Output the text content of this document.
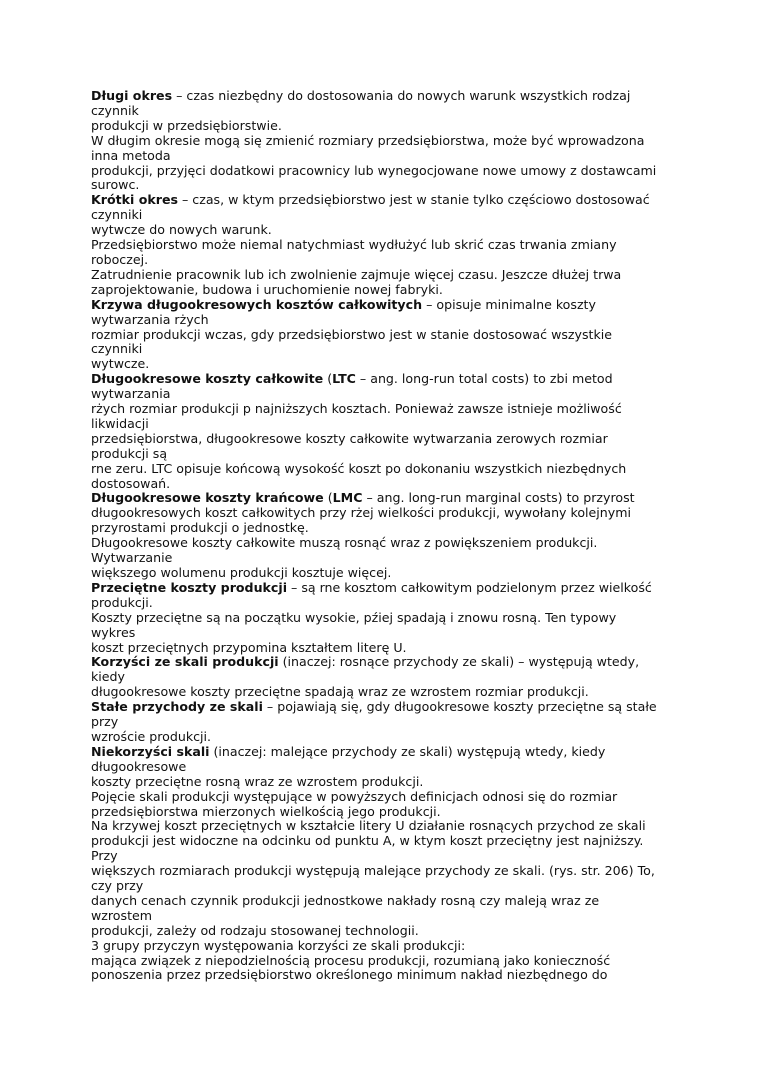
Długi okres – czas niezbędny do dostosowania do nowych warunk wszystkich rodzaj
czynnik
produkcji w przedsiębiorstwie.
W długim okresie mogą się zmienić rozmiary przedsiębiorstwa, może być wprowadzona
inna metoda
produkcji, przyjęci dodatkowi pracownicy lub wynegocjowane nowe umowy z dostawcami
surowc.
Krótki okres – czas, w ktym przedsiębiorstwo jest w stanie tylko częściowo dostosować
czynniki
wytwcze do nowych warunk.
Przedsiębiorstwo może niemal natychmiast wydłużyć lub skrić czas trwania zmiany
roboczej.
Zatrudnienie pracownik lub ich zwolnienie zajmuje więcej czasu. Jeszcze dłużej trwa
zaprojektowanie, budowa i uruchomienie nowej fabryki.
Krzywa długookresowych kosztów całkowitych – opisuje minimalne koszty
wytwarzania rżych
rozmiar produkcji wczas, gdy przedsiębiorstwo jest w stanie dostosować wszystkie
czynniki
wytwcze.
Długookresowe koszty całkowite (LTC – ang. long-run total costs) to zbi metod
wytwarzania
rżych rozmiar produkcji p najniższych kosztach. Ponieważ zawsze istnieje możliwość
likwidacji
przedsiębiorstwa, długookresowe koszty całkowite wytwarzania zerowych rozmiar
produkcji są
rne zeru. LTC opisuje końcową wysokość koszt po dokonaniu wszystkich niezbędnych
dostosowań.
Długookresowe koszty krańcowe (LMC – ang. long-run marginal costs) to przyrost
długookresowych koszt całkowitych przy rżej wielkości produkcji, wywołany kolejnymi
przyrostami produkcji o jednostkę.
Długookresowe koszty całkowite muszą rosnąć wraz z powiększeniem produkcji.
Wytwarzanie
większego wolumenu produkcji kosztuje więcej.
Przeciętne koszty produkcji – są rne kosztom całkowitym podzielonym przez wielkość
produkcji.
Koszty przeciętne są na początku wysokie, pźiej spadają i znowu rosną. Ten typowy
wykres
koszt przeciętnych przypomina kształtem literę U.
Korzyści ze skali produkcji (inaczej: rosnące przychody ze skali) – występują wtedy,
kiedy
długookresowe koszty przeciętne spadają wraz ze wzrostem rozmiar produkcji.
Stałe przychody ze skali – pojawiają się, gdy długookresowe koszty przeciętne są stałe
przy
wzroście produkcji.
Niekorzyści skali (inaczej: malejące przychody ze skali) występują wtedy, kiedy
długookresowe
koszty przeciętne rosną wraz ze wzrostem produkcji.
Pojęcie skali produkcji występujące w powyższych definicjach odnosi się do rozmiar
przedsiębiorstwa mierzonych wielkością jego produkcji.
Na krzywej koszt przeciętnych w kształcie litery U działanie rosnących przychod ze skali
produkcji jest widoczne na odcinku od punktu A, w ktym koszt przeciętny jest najniższy.
Przy
większych rozmiarach produkcji występują malejące przychody ze skali. (rys. str. 206) To,
czy przy
danych cenach czynnik produkcji jednostkowe nakłady rosną czy maleją wraz ze
wzrostem
produkcji, zależy od rodzaju stosowanej technologii.
3 grupy przyczyn występowania korzyści ze skali produkcji:
mająca związek z niepodzielnością procesu produkcji, rozumianą jako konieczność
ponoszenia przez przedsiębiorstwo określonego minimum nakład niezbędnego do
